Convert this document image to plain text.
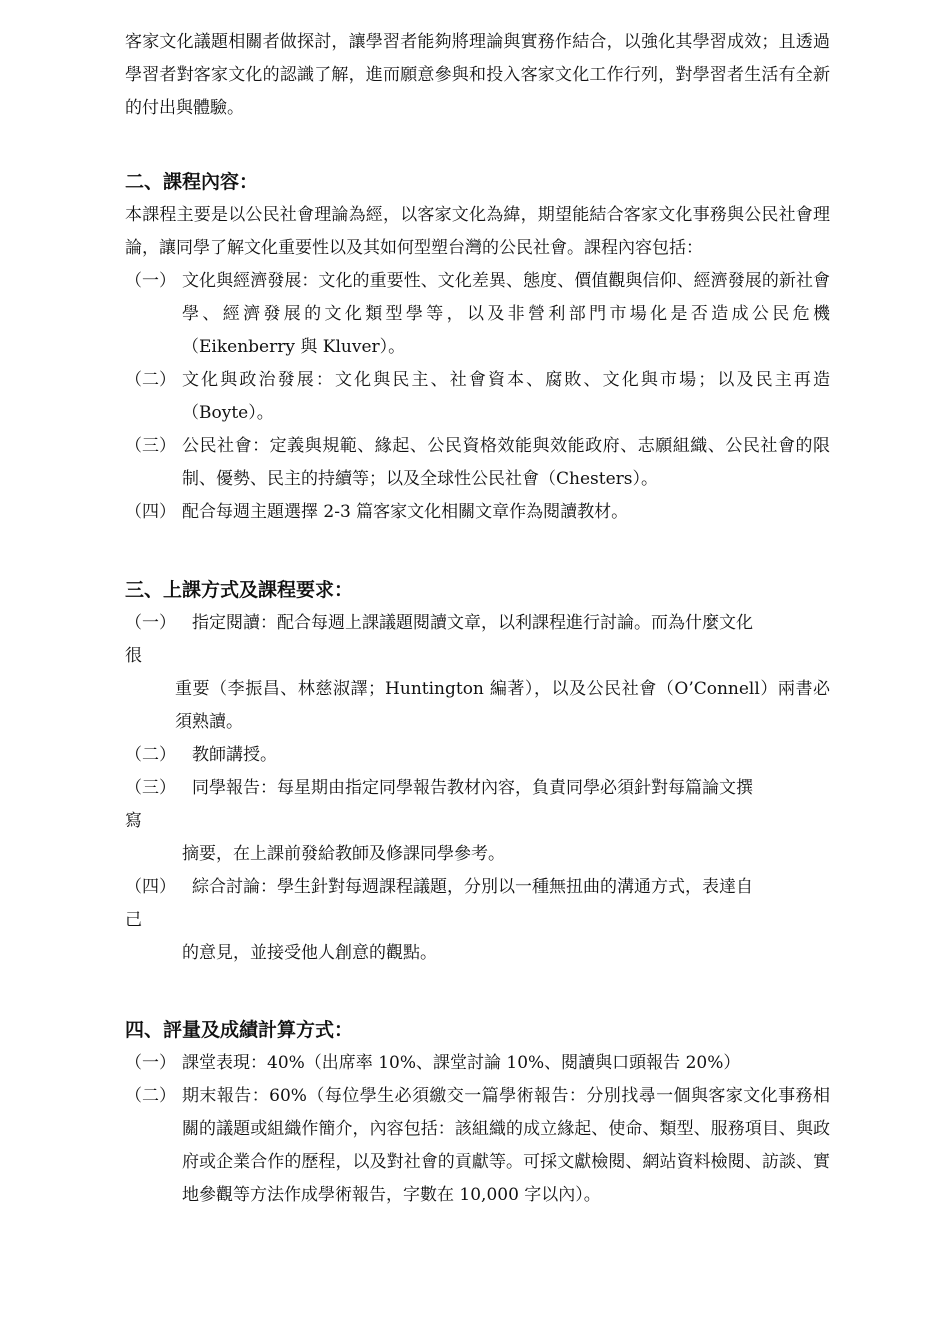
客家文化議題相關者做探討，讓學習者能夠將理論與實務作結合，以強化其學習成效；且透過學習者對客家文化的認識了解，進而願意參與和投入客家文化工作行列，對學習者生活有全新的付出與體驗。

二、課程內容：

本課程主要是以公民社會理論為經，以客家文化為緯，期望能結合客家文化事務與公民社會理論，讓同學了解文化重要性以及其如何型塑台灣的公民社會。課程內容包括：

（一） 文化與經濟發展：文化的重要性、文化差異、態度、價值觀與信仰、經濟發展的新社會學、經濟發展的文化類型學等，以及非營利部門市場化是否造成公民危機（Eikenberry 與 Kluver）。
（二） 文化與政治發展：文化與民主、社會資本、腐敗、文化與市場；以及民主再造（Boyte）。
（三） 公民社會：定義與規範、緣起、公民資格效能與效能政府、志願組織、公民社會的限制、優勢、民主的持續等；以及全球性公民社會（Chesters）。
（四） 配合每週主題選擇 2-3 篇客家文化相關文章作為閱讀教材。
三、上課方式及課程要求：
（一） 指定閱讀：配合每週上課議題閱讀文章，以利課程進行討論。而為什麼文化
很
重要（李振昌、林慈淑譯；Huntington 編著），以及公民社會（O’Connell）兩書必須熟讀。
（二） 教師講授。
（三） 同學報告：每星期由指定同學報告教材內容，負責同學必須針對每篇論文撰
寫
摘要，在上課前發給教師及修課同學參考。
（四） 綜合討論：學生針對每週課程議題，分別以一種無扭曲的溝通方式，表達自
己
的意見，並接受他人創意的觀點。
四、評量及成績計算方式：
（一） 課堂表現：40%（出席率 10%、課堂討論 10%、閱讀與口頭報告 20%）
（二） 期末報告：60%（每位學生必須繳交一篇學術報告：分別找尋一個與客家文化事務相關的議題或組織作簡介，內容包括：該組織的成立緣起、使命、類型、服務項目、與政府或企業合作的歷程，以及對社會的貢獻等。可採文獻檢閱、網站資料檢閱、訪談、實地參觀等方法作成學術報告，字數在 10,000 字以內）。
